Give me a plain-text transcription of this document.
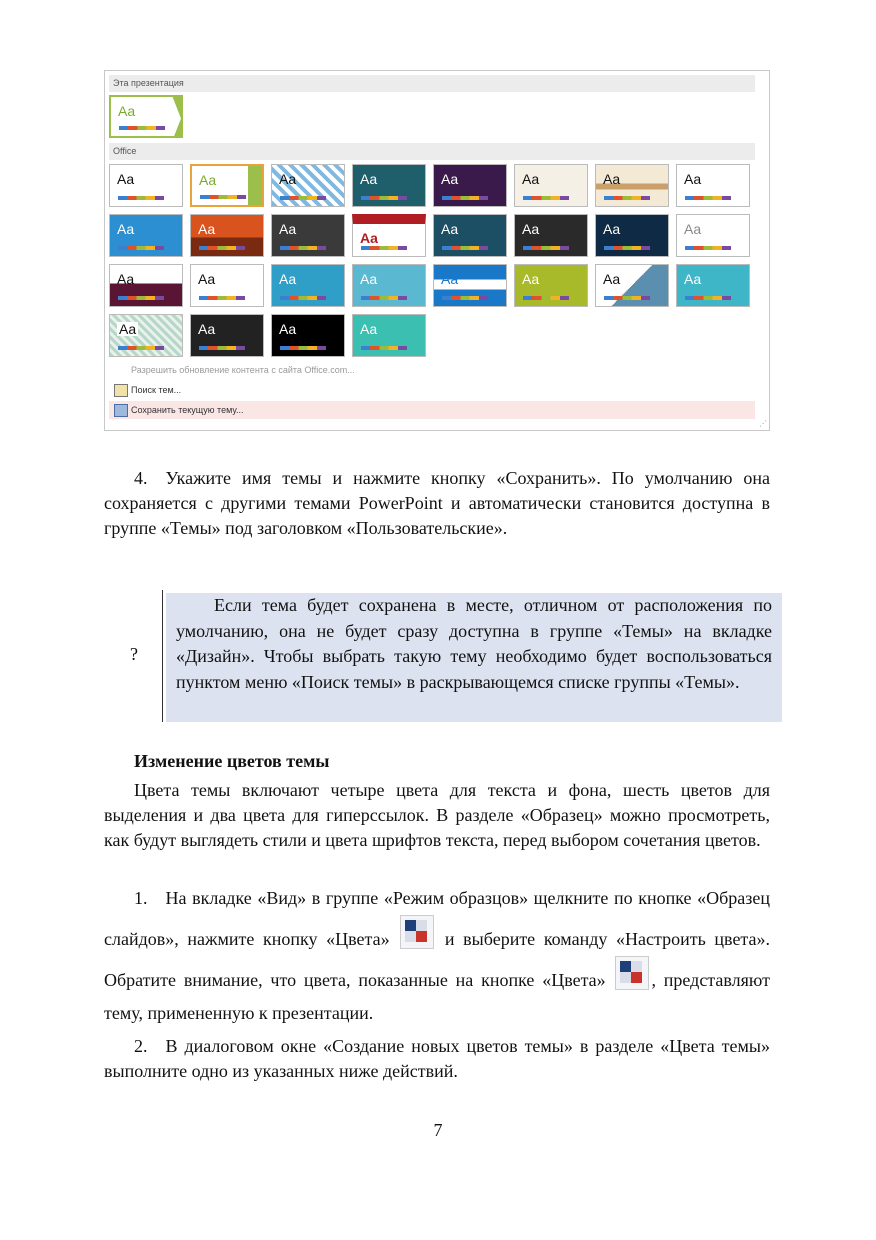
Эта презентация
Aa
Office
Aa	Aa	Aa	Aa	Aa	Aa	Aa	Aa
Aa	Aa	Aa
Aa
Aa	Aa	Aa	Aa
Aa	Aa	Aa	Aa	Aa	Aa	Aa	Aa
Aa	Aa	Aa	Aa
Разрешить обновление контента с сайта Office.com...
Поиск тем...
Сохранить текущую тему...
⋰

4. Укажите имя темы и нажмите кнопку «Сохранить». По умолчанию она сохраняется с другими темами PowerPoint и автоматически становится доступна в группе «Темы» под заголовком «Пользовательские».

?
Если тема будет сохранена в месте, отличном от расположения по умолчанию, она не будет сразу доступна в группе «Темы» на вкладке «Дизайн». Чтобы выбрать такую тему необходимо будет воспользоваться пунктом меню «Поиск темы» в раскрывающемся списке группы «Темы».
Изменение цветов темы

Цвета темы включают четыре цвета для текста и фона, шесть цветов для выделения и два цвета для гиперссылок. В разделе «Образец» можно просмотреть, как будут выглядеть стили и цвета шрифтов текста, перед выбором сочетания цветов.

1. На вкладке «Вид» в группе «Режим образцов» щелкните по кнопке «Образец слайдов», нажмите кнопку «Цвета»	и выберите команду «Настроить цвета». Обратите внимание, что цвета, показанные на кнопке «Цвета»	, представляют тему, примененную к презентации.

2. В диалоговом окне «Создание новых цветов темы» в разделе «Цвета темы» выполните одно из указанных ниже действий.

7
